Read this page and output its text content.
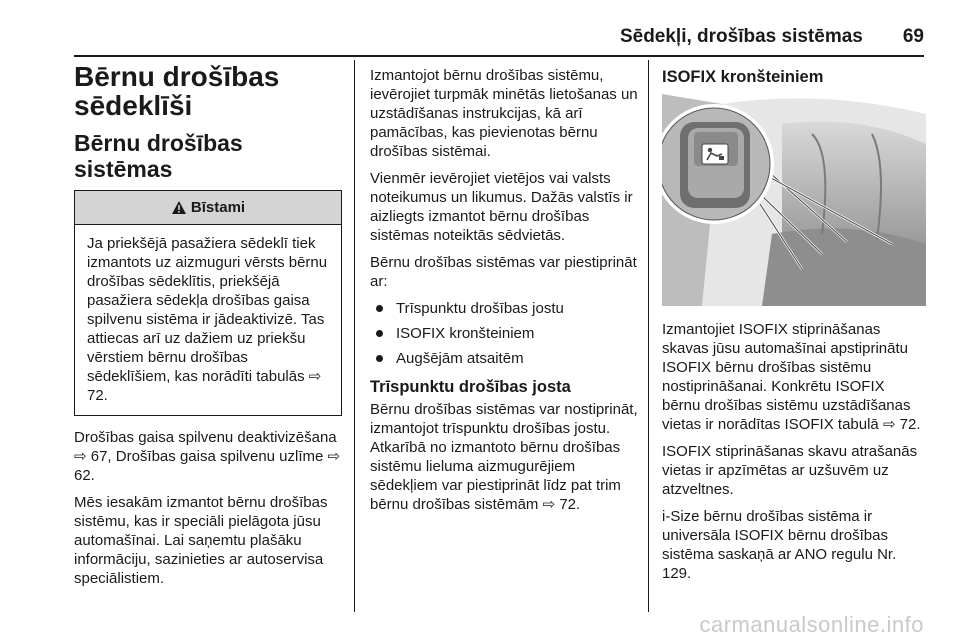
Sēdekļi, drošības sistēmas 69
Bērnu drošības
sēdeklīši
Bērnu drošības sistēmas
Bīstami

Ja priekšējā pasažiera sēdeklī tiek izmantots uz aizmuguri vērsts bērnu drošības sēdeklītis, priekšējā pasažiera sēdekļa drošības gaisa spilvenu sistēma ir jādeaktivizē. Tas attiecas arī uz dažiem uz priekšu vērstiem bērnu drošības sēdeklīšiem, kas norādīti tabulās ⇨ 72.

Drošības gaisa spilvenu deaktivizēšana ⇨ 67, Drošības gaisa spilvenu uzlīme ⇨ 62.

Mēs iesakām izmantot bērnu drošības sistēmu, kas ir speciāli pielāgota jūsu automašīnai. Lai saņemtu plašāku informāciju, sazinieties ar autoservisa speciālistiem.

Izmantojot bērnu drošības sistēmu, ievērojiet turpmāk minētās lietošanas un uzstādīšanas instrukcijas, kā arī pamācības, kas pievienotas bērnu drošības sistēmai.

Vienmēr ievērojiet vietējos vai valsts noteikumus un likumus. Dažās valstīs ir aizliegts izmantot bērnu drošības sistēmas noteiktās sēdvietās.

Bērnu drošības sistēmas var piestiprināt ar:

Trīspunktu drošības jostu
ISOFIX kronšteiniem
Augšējām atsaitēm
Trīspunktu drošības josta

Bērnu drošības sistēmas var nostiprināt, izmantojot trīspunktu drošības jostu. Atkarībā no izmantoto bērnu drošības sistēmu lieluma aizmugurējiem sēdekļiem var piestiprināt līdz pat trim bērnu drošības sistēmām ⇨ 72.

ISOFIX kronšteiniem

Izmantojiet ISOFIX stiprināšanas skavas jūsu automašīnai apstiprinātu ISOFIX bērnu drošības sistēmu nostiprināšanai. Konkrētu ISOFIX bērnu drošības sistēmu uzstādīšanas vietas ir norādītas ISOFIX tabulā ⇨ 72.

ISOFIX stiprināšanas skavu atrašanās vietas ir apzīmētas ar uzšuvēm uz atzveltnes.

i-Size bērnu drošības sistēma ir universāla ISOFIX bērnu drošības sistēma saskaņā ar ANO regulu Nr. 129.

carmanualsonline.info
